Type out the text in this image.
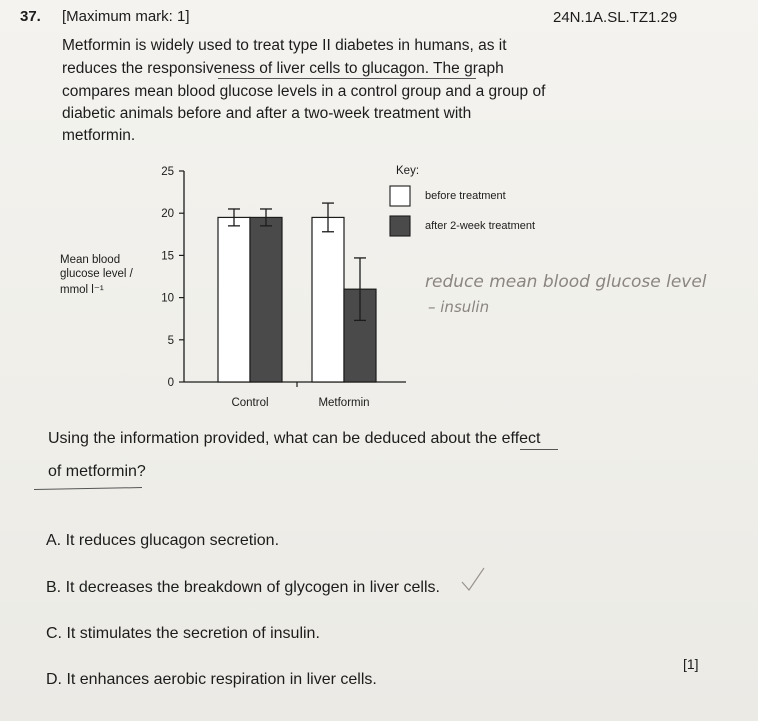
37. [Maximum mark: 1]	24N.1A.SL.TZ1.29
Metformin is widely used to treat type II diabetes in humans, as it
reduces the responsiveness of liver cells to glucagon. The graph
compares mean blood glucose levels in a control group and a group of
diabetic animals before and after a two-week treatment with
metformin.
0
5
10
15
20
25
Control	Metformin
Key:
before treatment
after 2-week treatment
Mean blood
glucose level /
mmol l⁻¹	reduce mean blood glucose level
– insulin
Using the information provided, what can be deduced about the effect
of metformin?
A. It reduces glucagon secretion.
B. It decreases the breakdown of glycogen in liver cells.
C. It stimulates the secretion of insulin.
D. It enhances aerobic respiration in liver cells.
[1]
